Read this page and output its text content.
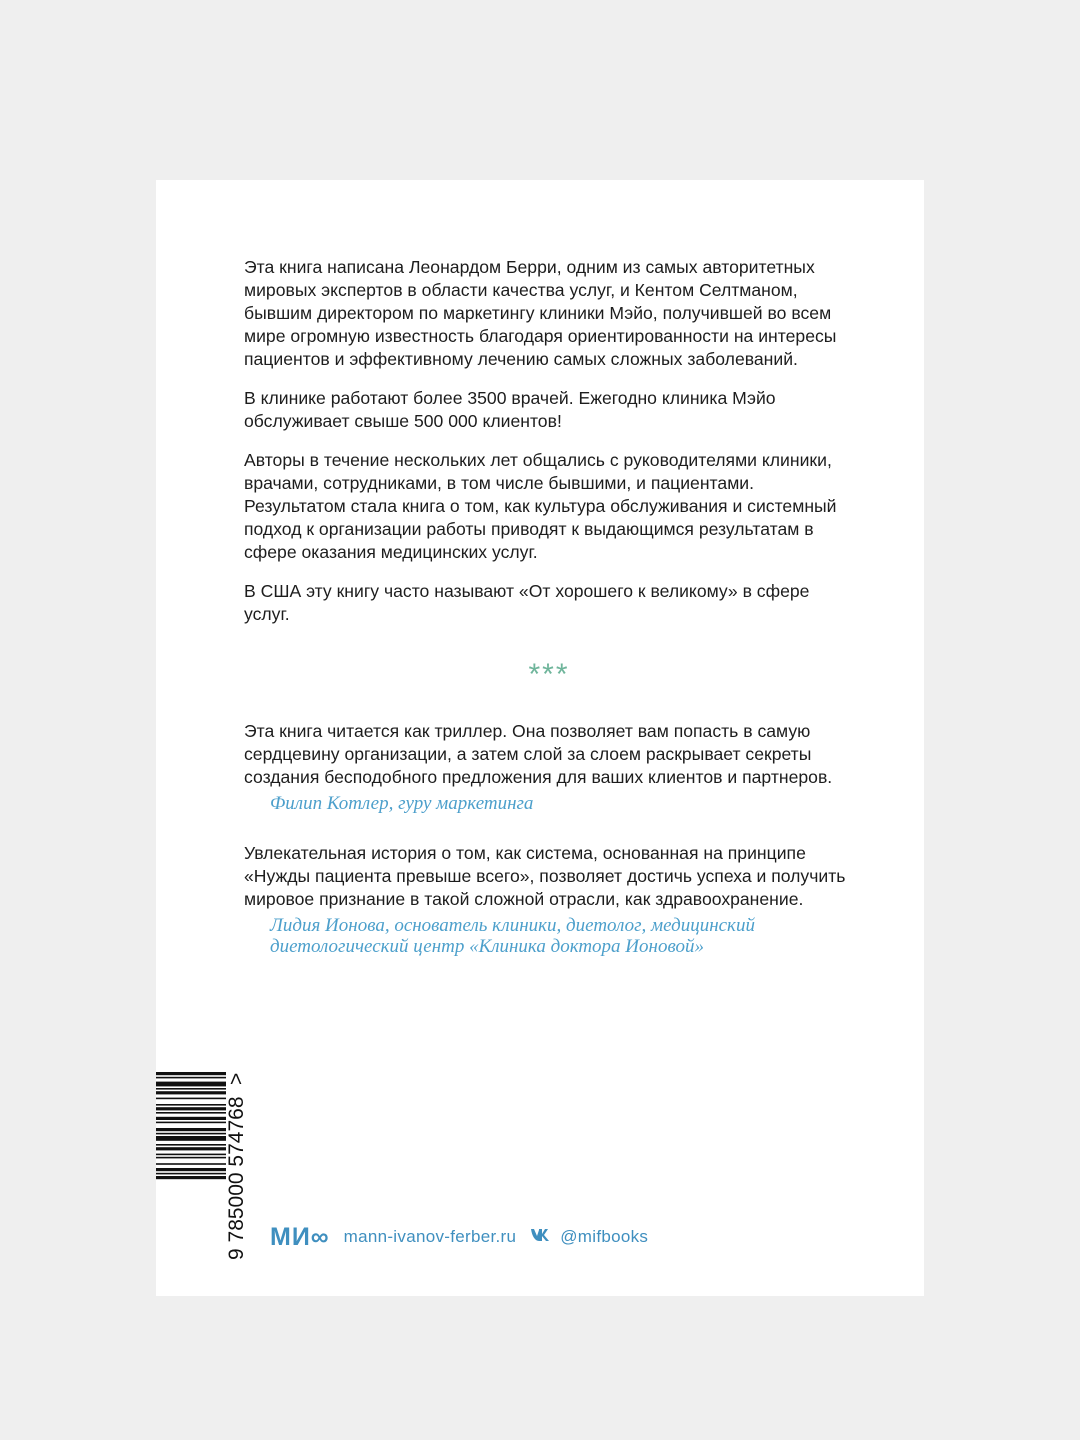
Эта книга написана Леонардом Берри, одним из самых авторитетных мировых экспертов в области качества услуг, и Кентом Селтманом, бывшим директором по маркетингу клиники Мэйо, получившей во всем мире огромную известность благодаря ориентированности на интересы пациентов и эффективному лечению самых сложных заболеваний.

В клинике работают более 3500 врачей. Ежегодно клиника Мэйо обслуживает свыше 500 000 клиентов!

Авторы в течение нескольких лет общались с руководителями клиники, врачами, сотрудниками, в том числе бывшими, и пациентами. Результатом стала книга о том, как культура обслуживания и системный подход к организации работы приводят к выдающимся результатам в сфере оказания медицинских услуг.

В США эту книгу часто называют «От хорошего к великому» в сфере услуг.

***

Эта книга читается как триллер. Она позволяет вам попасть в самую сердцевину организации, а затем слой за слоем раскрывает секреты создания бесподобного предложения для ваших клиентов и партнеров.

Филип Котлер, гуру маркетинга

Увлекательная история о том, как система, основанная на принципе «Нужды пациента превыше всего», позволяет достичь успеха и получить мировое признание в такой сложной отрасли, как здравоохранение.

Лидия Ионова, основатель клиники, диетолог, медицинский диетологический центр «Клиника доктора Ионовой»
9 785000 574768
>
МИ∞ mann-ivanov-ferber.ru	@mifbooks
